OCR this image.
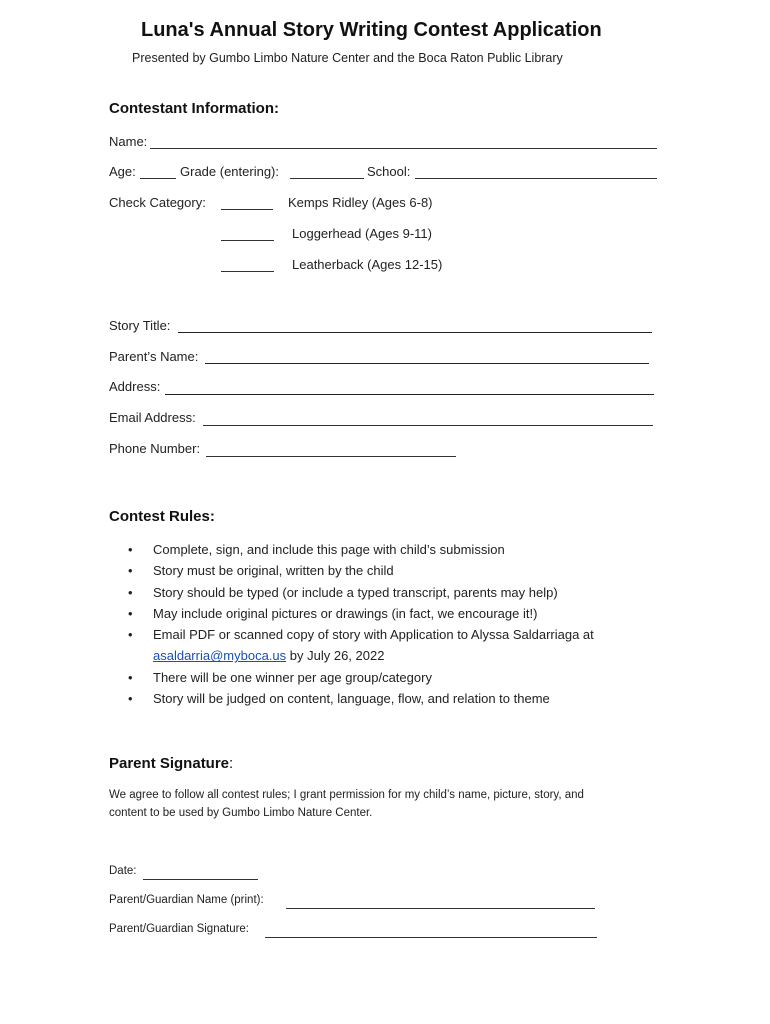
Luna's Annual Story Writing Contest Application
Presented by Gumbo Limbo Nature Center and the Boca Raton Public Library
Contestant Information:
Name:
Age:	Grade (entering):	School:
Check Category:	Kemps Ridley (Ages 6-8)
Loggerhead (Ages 9-11)
Leatherback (Ages 12-15)
Story Title:
Parent’s Name:
Address:
Email Address:
Phone Number:
Contest Rules:
• Complete, sign, and include this page with child’s submission
• Story must be original, written by the child
• Story should be typed (or include a typed transcript, parents may help)
• May include original pictures or drawings (in fact, we encourage it!)
• Email PDF or scanned copy of story with Application to Alyssa Saldarriaga at
asaldarria@myboca.us by July 26, 2022
• There will be one winner per age group/category
• Story will be judged on content, language, flow, and relation to theme
Parent Signature:
We agree to follow all contest rules; I grant permission for my child’s name, picture, story, and
content to be used by Gumbo Limbo Nature Center.
Date:
Parent/Guardian Name (print):
Parent/Guardian Signature:
